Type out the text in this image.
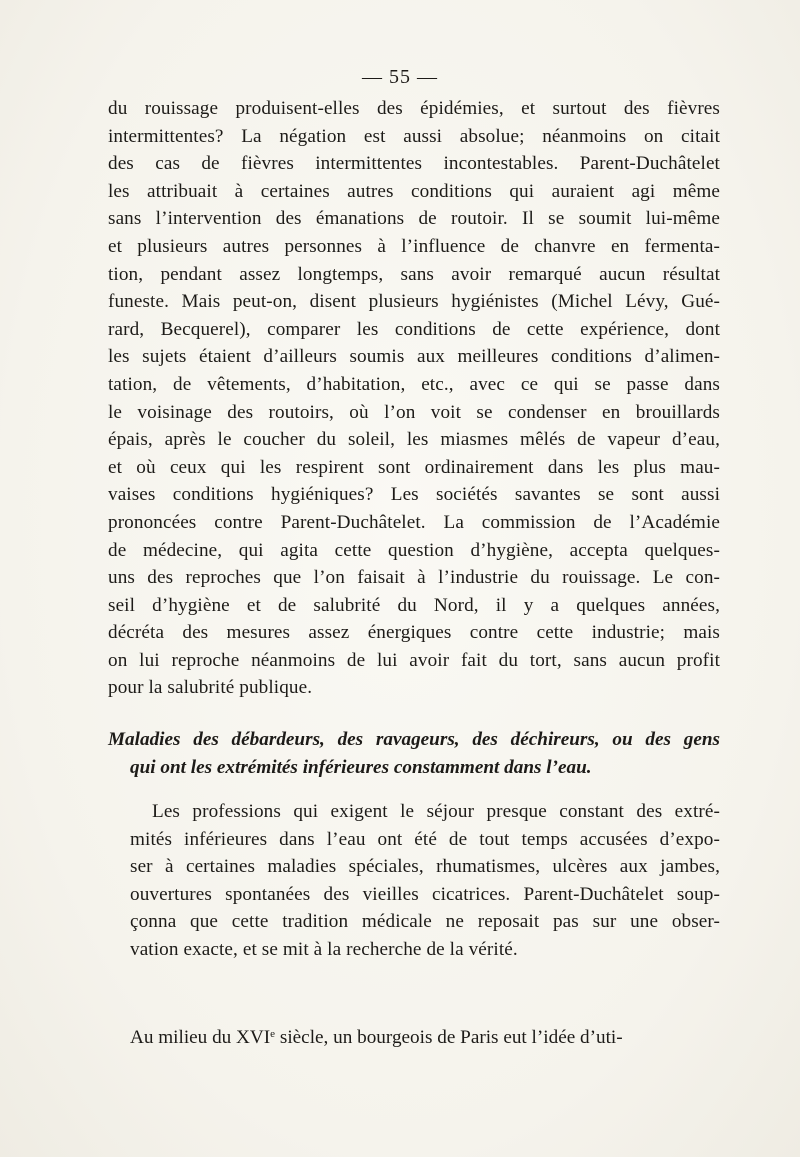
— 55 —
du rouissage produisent-elles des épidémies, et surtout des fièvres
intermittentes? La négation est aussi absolue; néanmoins on citait
des cas de fièvres intermittentes incontestables. Parent-Duchâtelet
les attribuait à certaines autres conditions qui auraient agi même
sans l’intervention des émanations de routoir. Il se soumit lui-même
et plusieurs autres personnes à l’influence de chanvre en fermenta-
tion, pendant assez longtemps, sans avoir remarqué aucun résultat
funeste. Mais peut-on, disent plusieurs hygiénistes (Michel Lévy, Gué-
rard, Becquerel), comparer les conditions de cette expérience, dont
les sujets étaient d’ailleurs soumis aux meilleures conditions d’alimen-
tation, de vêtements, d’habitation, etc., avec ce qui se passe dans
le voisinage des routoirs, où l’on voit se condenser en brouillards
épais, après le coucher du soleil, les miasmes mêlés de vapeur d’eau,
et où ceux qui les respirent sont ordinairement dans les plus mau-
vaises conditions hygiéniques? Les sociétés savantes se sont aussi
prononcées contre Parent-Duchâtelet. La commission de l’Académie
de médecine, qui agita cette question d’hygiène, accepta quelques-
uns des reproches que l’on faisait à l’industrie du rouissage. Le con-
seil d’hygiène et de salubrité du Nord, il y a quelques années,
décréta des mesures assez énergiques contre cette industrie; mais
on lui reproche néanmoins de lui avoir fait du tort, sans aucun profit
pour la salubrité publique.
Maladies des débardeurs, des ravageurs, des déchireurs, ou des gens
qui ont les extrémités inférieures constamment dans l’eau.
Les professions qui exigent le séjour presque constant des extré-
mités inférieures dans l’eau ont été de tout temps accusées d’expo-
ser à certaines maladies spéciales, rhumatismes, ulcères aux jambes,
ouvertures spontanées des vieilles cicatrices. Parent-Duchâtelet soup-
çonna que cette tradition médicale ne reposait pas sur une obser-
vation exacte, et se mit à la recherche de la vérité.
Au milieu du XVIe siècle, un bourgeois de Paris eut l’idée d’uti-
